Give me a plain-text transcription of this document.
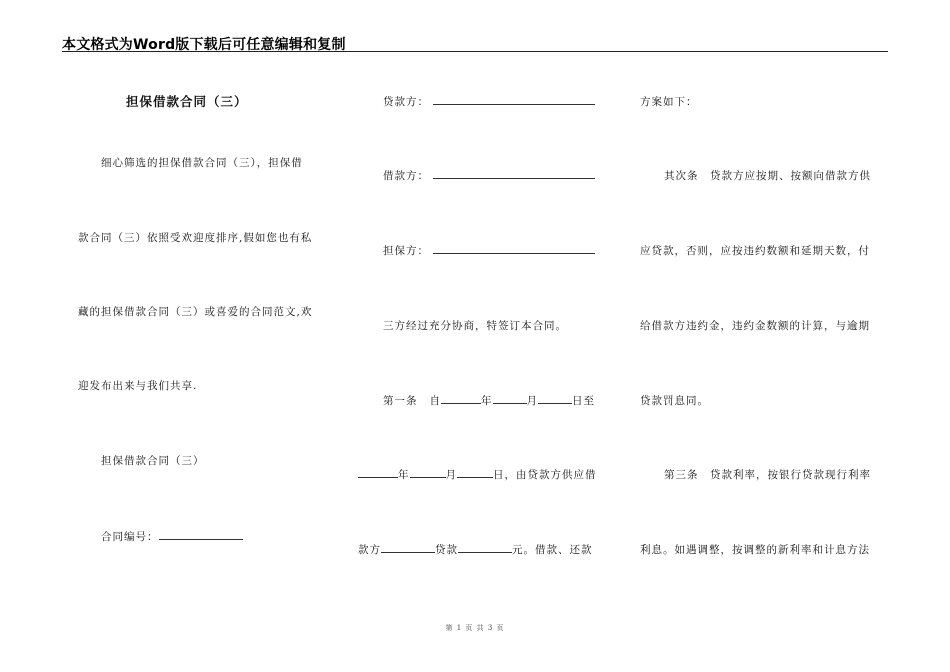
本文格式为Word版下载后可任意编辑和复制
担保借款合同（三）
细心筛选的担保借款合同（三），担保借
款合同（三）依照受欢迎度排序,假如您也有私
藏的担保借款合同（三）或喜爱的合同范文,欢
迎发布出来与我们共享.
担保借款合同（三）
合同编号：
贷款方：
借款方：
担保方：
三方经过充分协商，特签订本合同。
第一条 自	年	月	日至
年	月	日，由贷款方供应借
款方	贷款	元。借款、还款
方案如下：
其次条　贷款方应按期、按额向借款方供
应贷款，否则，应按违约数额和延期天数，付
给借款方违约金，违约金数额的计算，与逾期
贷款罚息同。
第三条　贷款利率，按银行贷款现行利率
利息。如遇调整，按调整的新利率和计息方法
第 1 页 共 3 页
